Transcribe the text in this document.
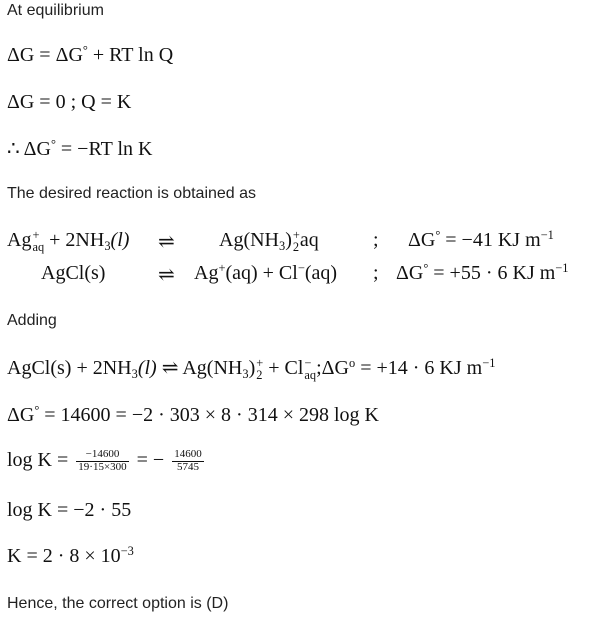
At equilibrium
ΔG = ΔG° + RT ln Q
ΔG = 0 ; Q = K
∴ ΔG° = −RT ln K
The desired reaction is obtained as
Ag +
aq + $2NH_3(l)$ ⇌ $Ag(NH_3)$ +
2 aq	; ΔG° = −41 KJ $m^{-1}$
AgCl(s)	⇌ Ag+(aq) + Cl−(aq) ; ΔG° = +55 · 6 KJ $m^{-1}$
Adding
AgCl(s) + $2NH_3(l)$ ⇌ $Ag(NH_3)$ +
2 + Cl −
aq $;\Delta G^o = +14 \cdot 6$ KJ $m^{-1}$
ΔG° = 14600 = −2 · 303 × 8 · 314 × 298 log K
$\log K = \frac{-14600}{19\cdot 15\times 300}$ = − $\frac{14600}{5745}$
log K = −2 · 55
$K = 2 \cdot 8 \times 10^{-3}$
Hence, the correct option is (D)
